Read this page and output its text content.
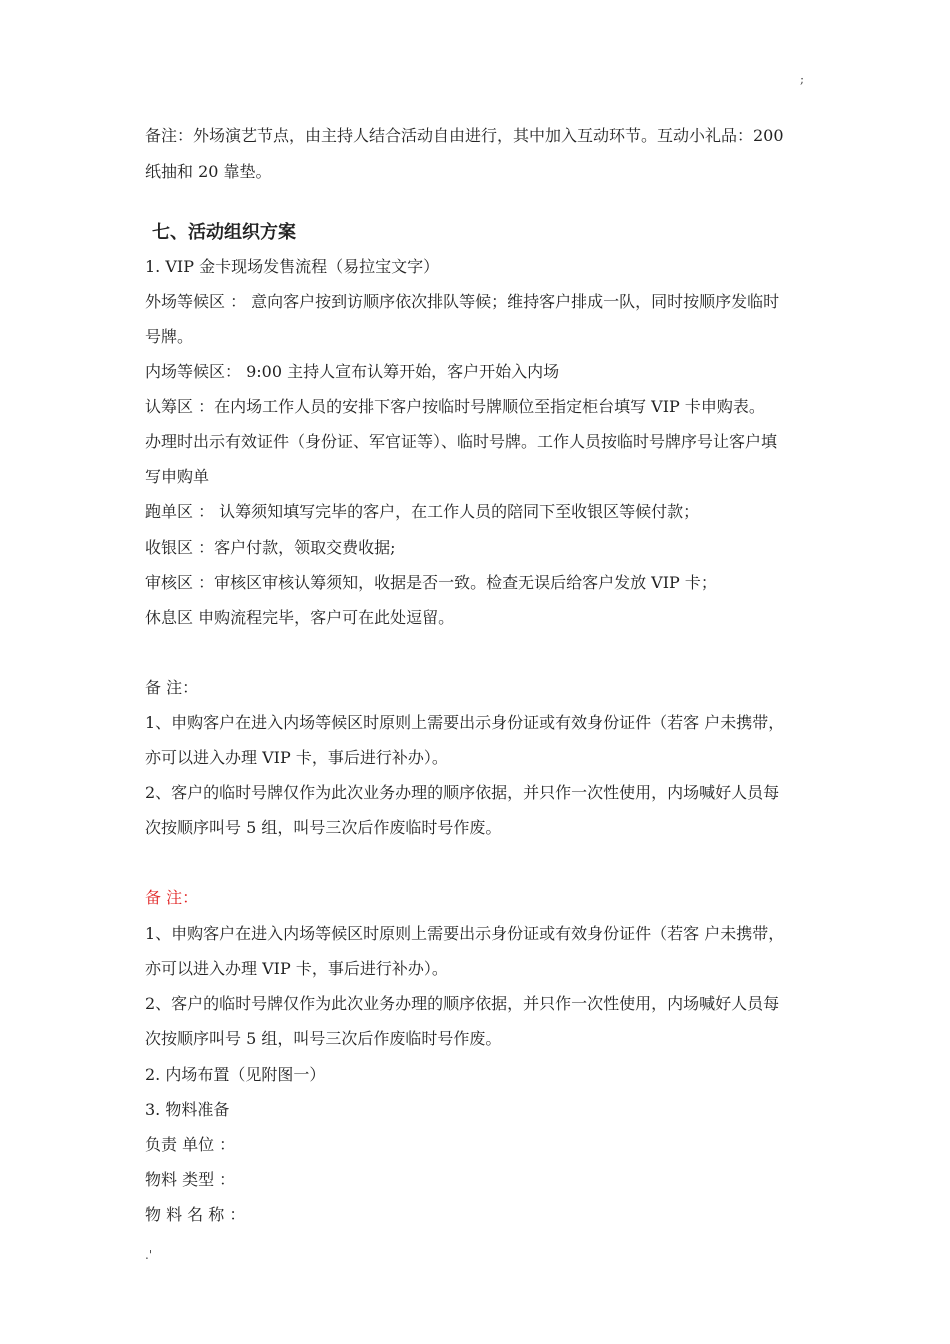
;
备注：外场演艺节点，由主持人结合活动自由进行，其中加入互动环节。互动小礼品：200
纸抽和 20 靠垫。
七、活动组织方案
1. VIP 金卡现场发售流程（易拉宝文字）
外场等候区 ： 意向客户按到访顺序依次排队等候；维持客户排成一队，同时按顺序发临时
号牌。
内场等候区： 9:00 主持人宣布认筹开始，客户开始入内场
认筹区 ：在内场工作人员的安排下客户按临时号牌顺位至指定柜台填写 VIP 卡申购表。
办理时出示有效证件（身份证、军官证等）、临时号牌。工作人员按临时号牌序号让客户填
写申购单
跑单区 ： 认筹须知填写完毕的客户，在工作人员的陪同下至收银区等候付款；
收银区 ：客户付款，领取交费收据;
审核区 ：审核区审核认筹须知，收据是否一致。检查无误后给客户发放 VIP 卡；
休息区 申购流程完毕，客户可在此处逗留。
备 注：
1、申购客户在进入内场等候区时原则上需要出示身份证或有效身份证件（若客 户未携带，
亦可以进入办理 VIP 卡，事后进行补办）。
2、客户的临时号牌仅作为此次业务办理的顺序依据，并只作一次性使用，内场喊好人员每
次按顺序叫号 5 组，叫号三次后作废临时号作废。
备 注：
1、申购客户在进入内场等候区时原则上需要出示身份证或有效身份证件（若客 户未携带，
亦可以进入办理 VIP 卡，事后进行补办）。
2、客户的临时号牌仅作为此次业务办理的顺序依据，并只作一次性使用，内场喊好人员每
次按顺序叫号 5 组，叫号三次后作废临时号作废。
2. 内场布置（见附图一）
3. 物料准备
负责 单位 ：
物料 类型 ：
物 料 名 称 ：
.'
